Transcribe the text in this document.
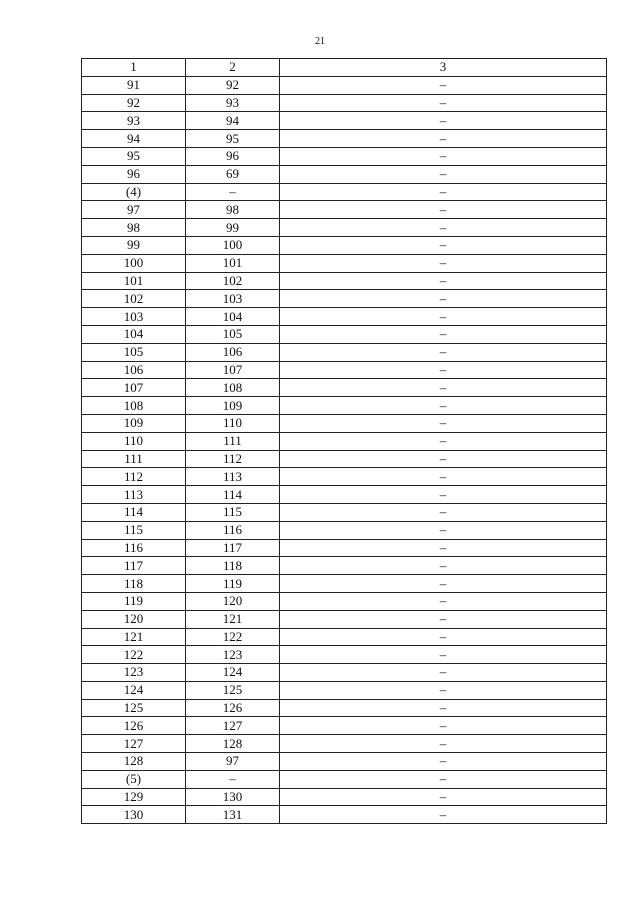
21
1	2	3
91	92	–
92	93	–
93	94	–
94	95	–
95	96	–
96	69	–
(4)	–	–
97	98	–
98	99	–
99	100	–
100	101	–
101	102	–
102	103	–
103	104	–
104	105	–
105	106	–
106	107	–
107	108	–
108	109	–
109	110	–
110	111	–
111	112	–
112	113	–
113	114	–
114	115	–
115	116	–
116	117	–
117	118	–
118	119	–
119	120	–
120	121	–
121	122	–
122	123	–
123	124	–
124	125	–
125	126	–
126	127	–
127	128	–
128	97	–
(5)	–	–
129	130	–
130	131	–
